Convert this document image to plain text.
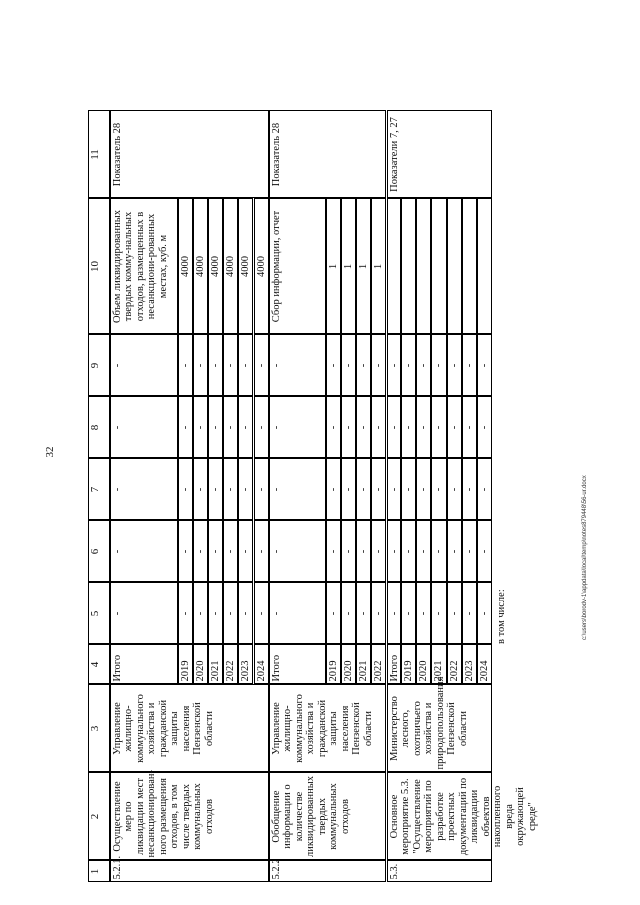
32
c:\users\borodv-1\appdata\local\temp\notes879448\56-ur.docx
1
2
3
4
5
6
7
8
9
10
11
5.2.1.
Осуществление мер по ликвидации мест несанкционирован-ного размещения отходов, в том числе твердых коммунальных отходов
Управление жилищно-коммунального хозяйства и гражданской защиты населения Пензенской области
Итого
-
-
-
-
-
Объем ликвидированных твердых комму-нальных отходов, размещенных в несанкциони-рованных местах, куб. м
Показатель 28
2019
-
-
-
-
-
4000
2020
-
-
-
-
-
4000
2021
-
-
-
-
-
4000
2022
-
-
-
-
-
4000
2023
-
-
-
-
-
4000
2024
-
-
-
-
-
4000
5.2.2
Обобщение информации о количестве ликвидированных твердых коммунальных отходов
Управление жилищно-коммунального хозяйства и гражданской защиты населения Пензенской области
Итого
-
-
-
-
-
Сбор информации, отчет
Показатель 28
2019
-
-
-
-
-
1
2020
-
-
-
-
-
1
2021
-
-
-
-
-
1
2022
-
-
-
-
-
1
5.3.
Основное мероприятие 5.3. "Осуществление мероприятий по разработке проектных документаций по ликвидации объектов накопленного вреда окружающей среде"
Министерство лесного, охотничьего хозяйства и природопользования Пензенской области
Итого
-
-
-
-
-
Показатели 7, 27
2019
-
-
-
-
-
2020
-
-
-
-
-
2021
-
-
-
-
-
2022
-
-
-
-
-
2023
-
-
-
-
-
2024
-
-
-
-
-
в том числе:
